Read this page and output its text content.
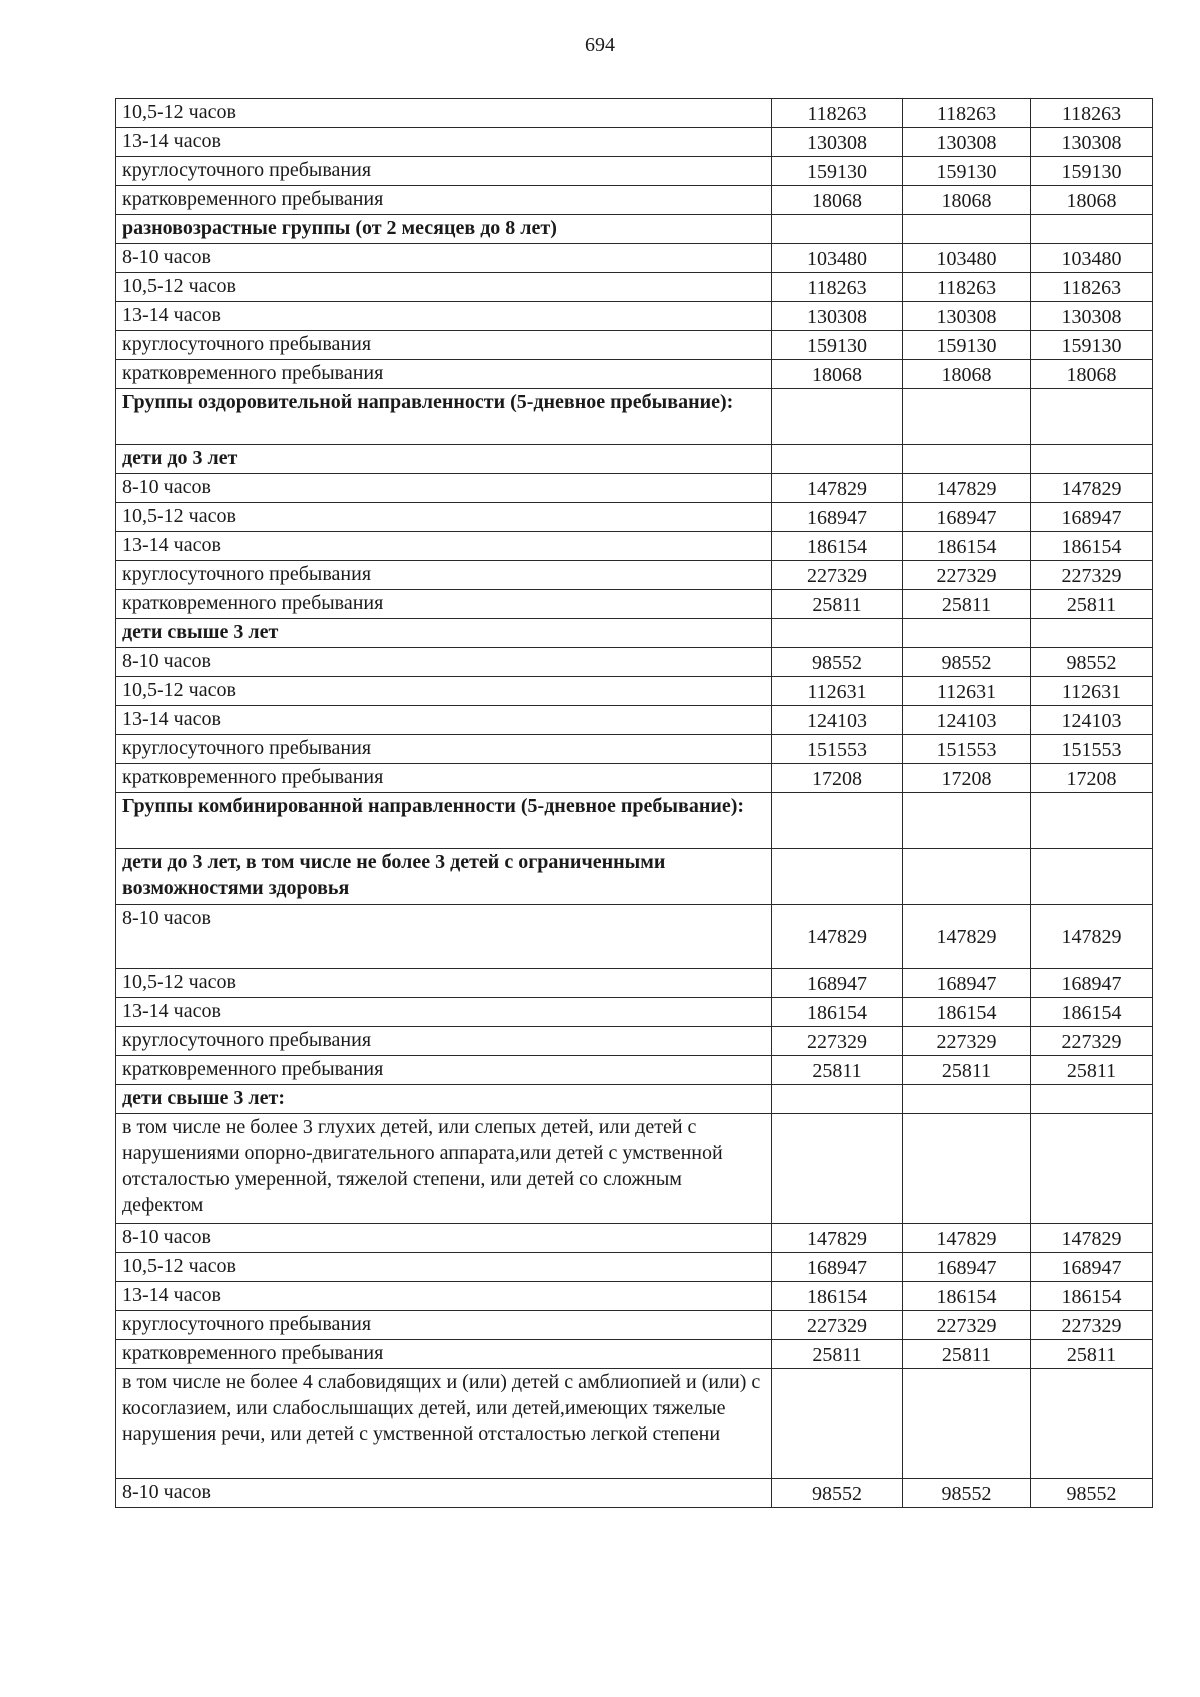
694
10,5-12 часов	118263	118263	118263
13-14 часов	130308	130308	130308
круглосуточного пребывания	159130	159130	159130
кратковременного пребывания	18068	18068	18068
разновозрастные группы (от 2 месяцев до 8 лет)			
8-10 часов	103480	103480	103480
10,5-12 часов	118263	118263	118263
13-14 часов	130308	130308	130308
круглосуточного пребывания	159130	159130	159130
кратковременного пребывания	18068	18068	18068
Группы оздоровительной направленности (5-дневное пребывание):			
дети до 3 лет			
8-10 часов	147829	147829	147829
10,5-12 часов	168947	168947	168947
13-14 часов	186154	186154	186154
круглосуточного пребывания	227329	227329	227329
кратковременного пребывания	25811	25811	25811
дети свыше 3 лет			
8-10 часов	98552	98552	98552
10,5-12 часов	112631	112631	112631
13-14 часов	124103	124103	124103
круглосуточного пребывания	151553	151553	151553
кратковременного пребывания	17208	17208	17208
Группы комбинированной направленности (5-дневное пребывание):			
дети до 3 лет, в том числе не более 3 детей с ограниченными возможностями здоровья			
8-10 часов	147829	147829	147829
10,5-12 часов	168947	168947	168947
13-14 часов	186154	186154	186154
круглосуточного пребывания	227329	227329	227329
кратковременного пребывания	25811	25811	25811
дети свыше 3 лет:			
в том числе не более 3 глухих детей, или слепых детей, или детей с нарушениями опорно-двигательного аппарата,или детей с умственной отсталостью умеренной, тяжелой степени, или детей со сложным дефектом			
8-10 часов	147829	147829	147829
10,5-12 часов	168947	168947	168947
13-14 часов	186154	186154	186154
круглосуточного пребывания	227329	227329	227329
кратковременного пребывания	25811	25811	25811
в том числе не более 4 слабовидящих и (или) детей с амблиопией и (или) с косоглазием, или слабослышащих детей, или детей,имеющих тяжелые нарушения речи, или детей с умственной отсталостью легкой степени			
8-10 часов	98552	98552	98552
